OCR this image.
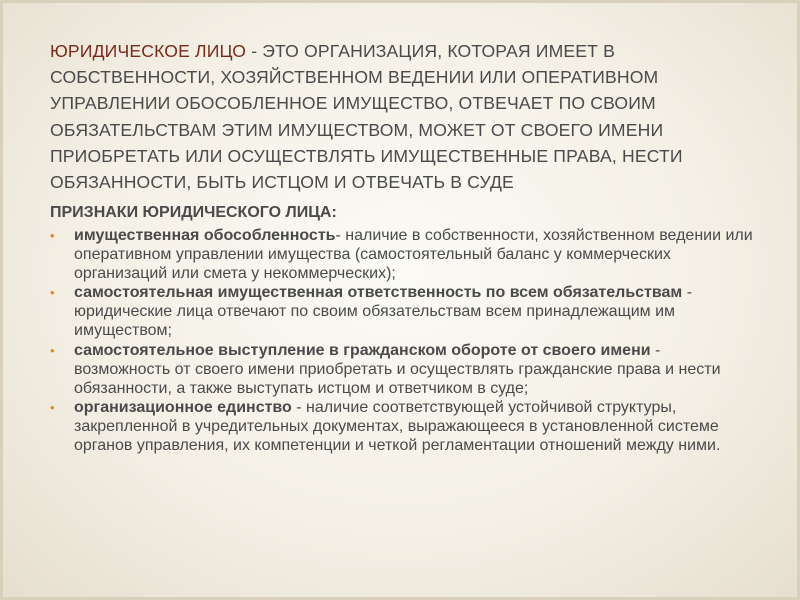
ЮРИДИЧЕСКОЕ ЛИЦО - ЭТО ОРГАНИЗАЦИЯ, КОТОРАЯ ИМЕЕТ В СОБСТВЕННОСТИ, ХОЗЯЙСТВЕННОМ ВЕДЕНИИ ИЛИ ОПЕРАТИВНОМ УПРАВЛЕНИИ ОБОСОБЛЕННОЕ ИМУЩЕСТВО, ОТВЕЧАЕТ ПО СВОИМ ОБЯЗАТЕЛЬСТВАМ ЭТИМ ИМУЩЕСТВОМ, МОЖЕТ ОТ СВОЕГО ИМЕНИ ПРИОБРЕТАТЬ ИЛИ ОСУЩЕСТВЛЯТЬ ИМУЩЕСТВЕННЫЕ ПРАВА, НЕСТИ ОБЯЗАННОСТИ, БЫТЬ ИСТЦОМ И ОТВЕЧАТЬ В СУДЕ

ПРИЗНАКИ ЮРИДИЧЕСКОГО ЛИЦА:

• имущественная обособленность- наличие в собственности, хозяйственном ведении или оперативном управлении имущества (самостоятельный баланс у коммерческих организаций или смета у некоммерческих);
• самостоятельная имущественная ответственность по всем обязательствам - юридические лица отвечают по своим обязательствам всем принадлежащим им имуществом;
• самостоятельное выступление в гражданском обороте от своего имени - возможность от своего имени приобретать и осуществлять гражданские права и нести обязанности, а также выступать истцом и ответчиком в суде;
• организационное единство - наличие соответствующей устойчивой структуры, закрепленной в учредительных документах, выражающееся в установленной системе органов управления, их компетенции и четкой регламентации отношений между ними.
